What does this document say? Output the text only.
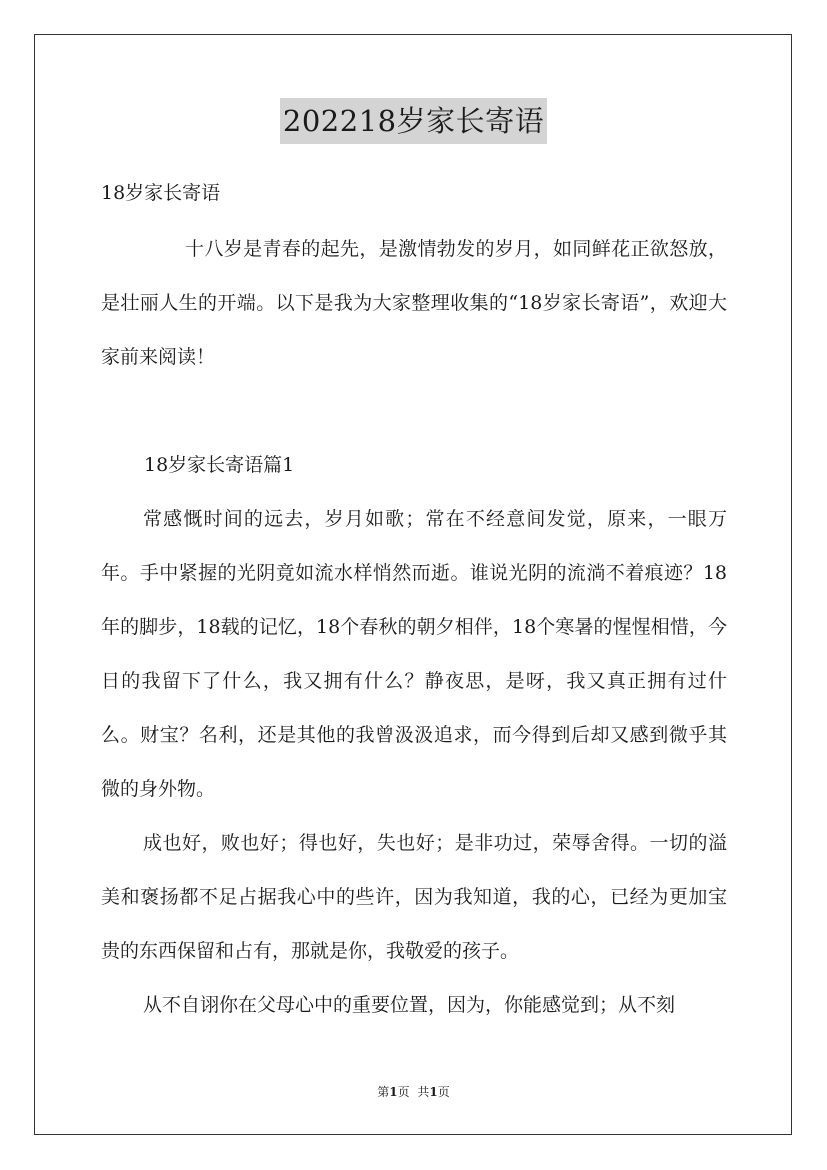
202218岁家长寄语

18岁家长寄语

十八岁是青春的起先，是激情勃发的岁月，如同鲜花正欲怒放，是壮丽人生的开端。以下是我为大家整理收集的“18岁家长寄语”，欢迎大家前来阅读！

18岁家长寄语篇1

常感慨时间的远去，岁月如歌；常在不经意间发觉，原来，一眼万年。手中紧握的光阴竟如流水样悄然而逝。谁说光阴的流淌不着痕迹？18年的脚步，18载的记忆，18个春秋的朝夕相伴，18个寒暑的惺惺相惜，今日的我留下了什么，我又拥有什么？静夜思，是呀，我又真正拥有过什么。财宝？名利，还是其他的我曾汲汲追求，而今得到后却又感到微乎其微的身外物。

成也好，败也好；得也好，失也好；是非功过，荣辱舍得。一切的溢美和褒扬都不足占据我心中的些许，因为我知道，我的心，已经为更加宝贵的东西保留和占有，那就是你，我敬爱的孩子。

从不自诩你在父母心中的重要位置，因为，你能感觉到；从不刻

第1页 共1页
